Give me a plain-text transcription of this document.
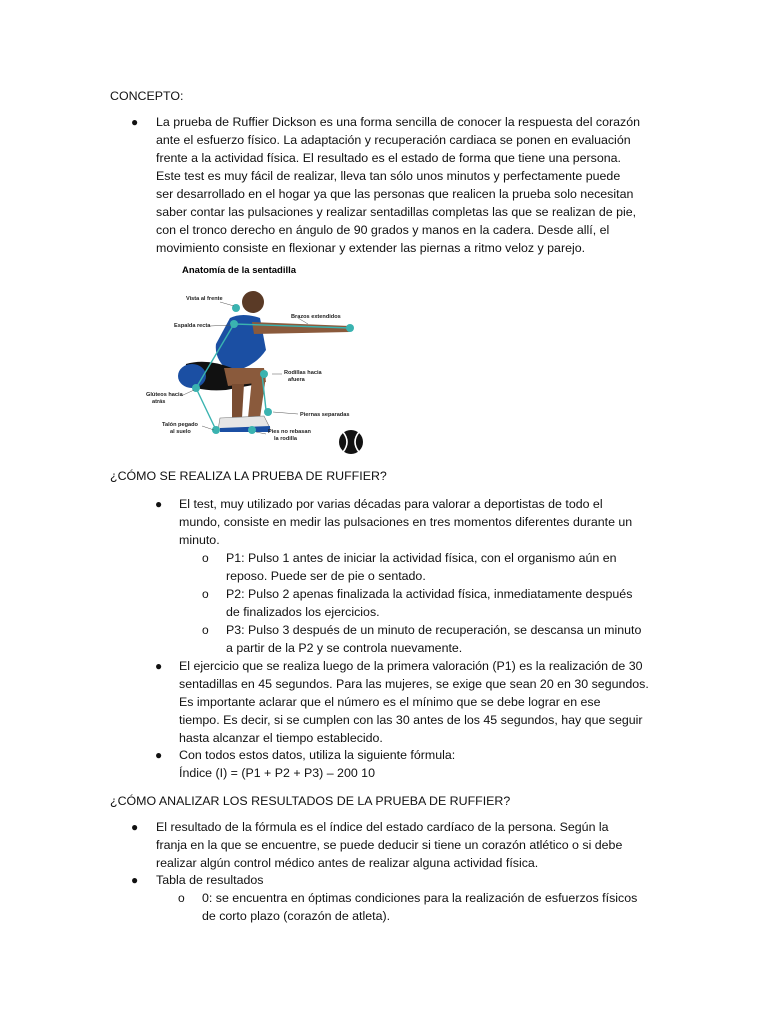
CONCEPTO:
● La prueba de Ruffier Dickson es una forma sencilla de conocer la respuesta del corazón
ante el esfuerzo físico. La adaptación y recuperación cardiaca se ponen en evaluación
frente a la actividad física. El resultado es el estado de forma que tiene una persona.
Este test es muy fácil de realizar, lleva tan sólo unos minutos y perfectamente puede
ser desarrollado en el hogar ya que las personas que realicen la prueba solo necesitan
saber contar las pulsaciones y realizar sentadillas completas las que se realizan de pie,
con el tronco derecho en ángulo de 90 grados y manos en la cadera. Desde allí, el
movimiento consiste en flexionar y extender las piernas a ritmo veloz y parejo.
Anatomía de la sentadilla
Vista al frente
Brazos extendidos
Espalda recta
Rodillas hacia
afuera
Glúteos hacia
atrás
Piernas separadas
Talón pegado
al suelo	Pies no rebasan
la rodilla
¿CÓMO SE REALIZA LA PRUEBA DE RUFFIER?
● El test, muy utilizado por varias décadas para valorar a deportistas de todo el
mundo, consiste en medir las pulsaciones en tres momentos diferentes durante un
minuto.
o P1: Pulso 1 antes de iniciar la actividad física, con el organismo aún en
reposo. Puede ser de pie o sentado.
o P2: Pulso 2 apenas finalizada la actividad física, inmediatamente después
de finalizados los ejercicios.
o P3: Pulso 3 después de un minuto de recuperación, se descansa un minuto
a partir de la P2 y se controla nuevamente.
● El ejercicio que se realiza luego de la primera valoración (P1) es la realización de 30
sentadillas en 45 segundos. Para las mujeres, se exige que sean 20 en 30 segundos.
Es importante aclarar que el número es el mínimo que se debe lograr en ese
tiempo. Es decir, si se cumplen con las 30 antes de los 45 segundos, hay que seguir
hasta alcanzar el tiempo establecido.
● Con todos estos datos, utiliza la siguiente fórmula:
Índice (I) = (P1 + P2 + P3) – 200 10
¿CÓMO ANALIZAR LOS RESULTADOS DE LA PRUEBA DE RUFFIER?
● El resultado de la fórmula es el índice del estado cardíaco de la persona. Según la
franja en la que se encuentre, se puede deducir si tiene un corazón atlético o si debe
realizar algún control médico antes de realizar alguna actividad física.
● Tabla de resultados
o 0: se encuentra en óptimas condiciones para la realización de esfuerzos físicos
de corto plazo (corazón de atleta).
